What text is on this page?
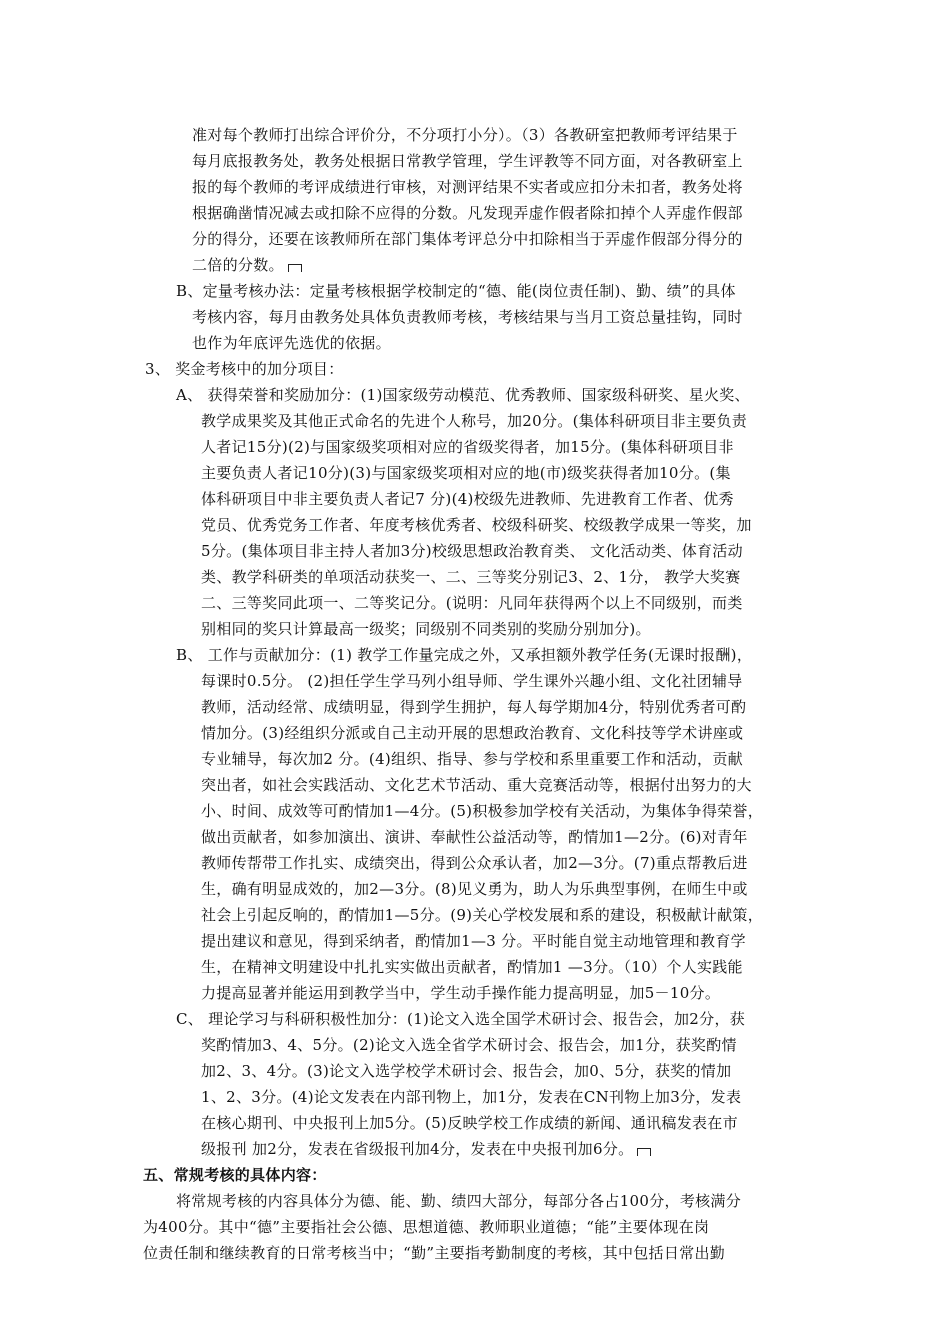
准对每个教师打出综合评价分，不分项打小分）。（3）各教研室把教师考评结果于
每月底报教务处，教务处根据日常教学管理，学生评教等不同方面，对各教研室上
报的每个教师的考评成绩进行审核，对测评结果不实者或应扣分未扣者，教务处将
根据确凿情况减去或扣除不应得的分数。凡发现弄虚作假者除扣掉个人弄虚作假部
分的得分，还要在该教师所在部门集体考评总分中扣除相当于弄虚作假部分得分的
二倍的分数。
B、定量考核办法：定量考核根据学校制定的“德、能(岗位责任制)、勤、绩”的具体
考核内容，每月由教务处具体负责教师考核，考核结果与当月工资总量挂钩，同时
也作为年底评先选优的依据。
3、 奖金考核中的加分项目：
A、 获得荣誉和奖励加分：(1)国家级劳动模范、优秀教师、国家级科研奖、星火奖、
教学成果奖及其他正式命名的先进个人称号，加20分。(集体科研项目非主要负责
人者记15分)(2)与国家级奖项相对应的省级奖得者，加15分。(集体科研项目非
主要负责人者记10分)(3)与国家级奖项相对应的地(市)级奖获得者加10分。(集
体科研项目中非主要负责人者记7 分)(4)校级先进教师、先进教育工作者、优秀
党员、优秀党务工作者、年度考核优秀者、校级科研奖、校级教学成果一等奖，加
5分。(集体项目非主持人者加3分)校级思想政治教育类、 文化活动类、体育活动
类、教学科研类的单项活动获奖一、二、三等奖分别记3、2、1分， 教学大奖赛
二、三等奖同此项一、二等奖记分。(说明：凡同年获得两个以上不同级别，而类
别相同的奖只计算最高一级奖；同级别不同类别的奖励分别加分)。
B、 工作与贡献加分：(1) 教学工作量完成之外，又承担额外教学任务(无课时报酬)，
每课时0.5分。 (2)担任学生学马列小组导师、学生课外兴趣小组、文化社团辅导
教师，活动经常、成绩明显，得到学生拥护，每人每学期加4分，特别优秀者可酌
情加分。(3)经组织分派或自己主动开展的思想政治教育、文化科技等学术讲座或
专业辅导，每次加2 分。(4)组织、指导、参与学校和系里重要工作和活动，贡献
突出者，如社会实践活动、文化艺术节活动、重大竞赛活动等，根据付出努力的大
小、时间、成效等可酌情加1—4分。(5)积极参加学校有关活动，为集体争得荣誉，
做出贡献者，如参加演出、演讲、奉献性公益活动等，酌情加1—2分。(6)对青年
教师传帮带工作扎实、成绩突出，得到公众承认者，加2—3分。(7)重点帮教后进
生，确有明显成效的，加2—3分。(8)见义勇为，助人为乐典型事例，在师生中或
社会上引起反响的，酌情加1—5分。(9)关心学校发展和系的建设，积极献计献策，
提出建议和意见，得到采纳者，酌情加1—3 分。平时能自觉主动地管理和教育学
生，在精神文明建设中扎扎实实做出贡献者，酌情加1 —3分。（10）个人实践能
力提高显著并能运用到教学当中，学生动手操作能力提高明显，加5－10分。
C、 理论学习与科研积极性加分：(1)论文入选全国学术研讨会、报告会，加2分，获
奖酌情加3、4、5分。(2)论文入选全省学术研讨会、报告会，加1分，获奖酌情
加2、3、4分。(3)论文入选学校学术研讨会、报告会，加0、5分，获奖的情加
1、2、3分。(4)论文发表在内部刊物上，加1分，发表在CN刊物上加3分，发表
在核心期刊、中央报刊上加5分。(5)反映学校工作成绩的新闻、通讯稿发表在市
级报刊 加2分，发表在省级报刊加4分，发表在中央报刊加6分。
五、常规考核的具体内容：
将常规考核的内容具体分为德、能、勤、绩四大部分，每部分各占100分，考核满分
为400分。其中“德”主要指社会公德、思想道德、教师职业道德；“能”主要体现在岗
位责任制和继续教育的日常考核当中；“勤”主要指考勤制度的考核，其中包括日常出勤
